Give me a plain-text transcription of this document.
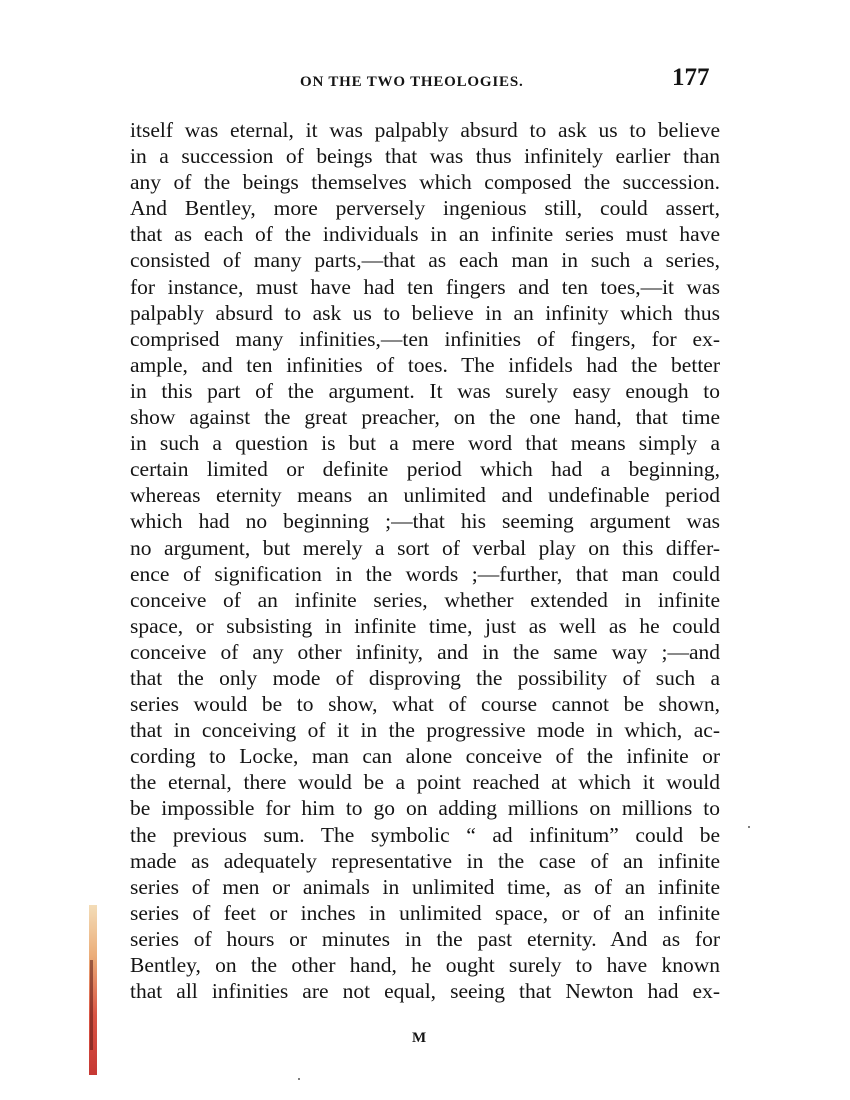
ON THE TWO THEOLOGIES.	177
itself was eternal, it was palpably absurd to ask us to believe
in a succession of beings that was thus infinitely earlier than
any of the beings themselves which composed the succession.
And Bentley, more perversely ingenious still, could assert,
that as each of the individuals in an infinite series must have
consisted of many parts,—that as each man in such a series,
for instance, must have had ten fingers and ten toes,—it was
palpably absurd to ask us to believe in an infinity which thus
comprised many infinities,—ten infinities of fingers, for ex-
ample, and ten infinities of toes. The infidels had the better
in this part of the argument. It was surely easy enough to
show against the great preacher, on the one hand, that time
in such a question is but a mere word that means simply a
certain limited or definite period which had a beginning,
whereas eternity means an unlimited and undefinable period
which had no beginning ;—that his seeming argument was
no argument, but merely a sort of verbal play on this differ-
ence of signification in the words ;—further, that man could
conceive of an infinite series, whether extended in infinite
space, or subsisting in infinite time, just as well as he could
conceive of any other infinity, and in the same way ;—and
that the only mode of disproving the possibility of such a
series would be to show, what of course cannot be shown,
that in conceiving of it in the progressive mode in which, ac-
cording to Locke, man can alone conceive of the infinite or
the eternal, there would be a point reached at which it would
be impossible for him to go on adding millions on millions to
the previous sum. The symbolic “ ad infinitum” could be
made as adequately representative in the case of an infinite
series of men or animals in unlimited time, as of an infinite
series of feet or inches in unlimited space, or of an infinite
series of hours or minutes in the past eternity. And as for
Bentley, on the other hand, he ought surely to have known
that all infinities are not equal, seeing that Newton had ex-
M
